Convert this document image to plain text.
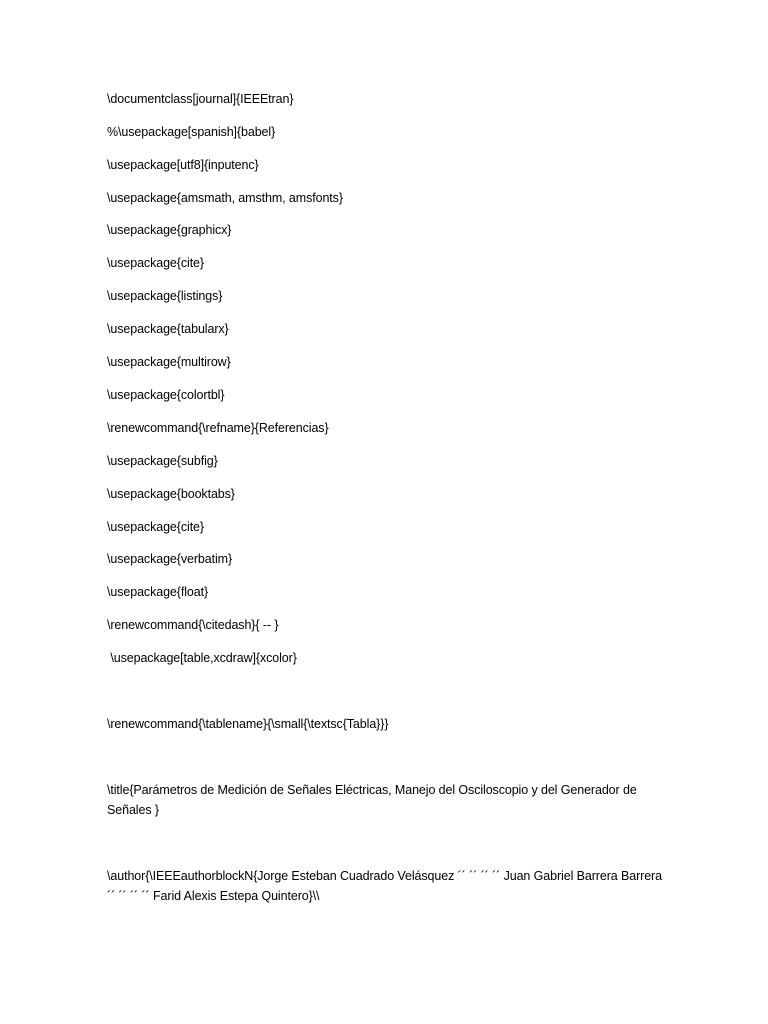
\documentclass[journal]{IEEEtran}
%\usepackage[spanish]{babel}
\usepackage[utf8]{inputenc}
\usepackage{amsmath, amsthm, amsfonts}
\usepackage{graphicx}
\usepackage{cite}
\usepackage{listings}
\usepackage{tabularx}
\usepackage{multirow}
\usepackage{colortbl}
\renewcommand{\refname}{Referencias}
\usepackage{subfig}
\usepackage{booktabs}
\usepackage{cite}
\usepackage{verbatim}
\usepackage{float}
\renewcommand{\citedash}{ -- }
\usepackage[table,xcdraw]{xcolor}
\renewcommand{\tablename}{\small{\textsc{Tabla}}}
\title{Parámetros de Medición de Señales Eléctricas, Manejo del Osciloscopio y del Generador de Señales }
\author{\IEEEauthorblockN{Jorge Esteban Cuadrado Velásquez ´´ ´´ ´´ ´´ Juan Gabriel Barrera Barrera ´´ ´´ ´´ ´´ Farid Alexis Estepa Quintero}\\
